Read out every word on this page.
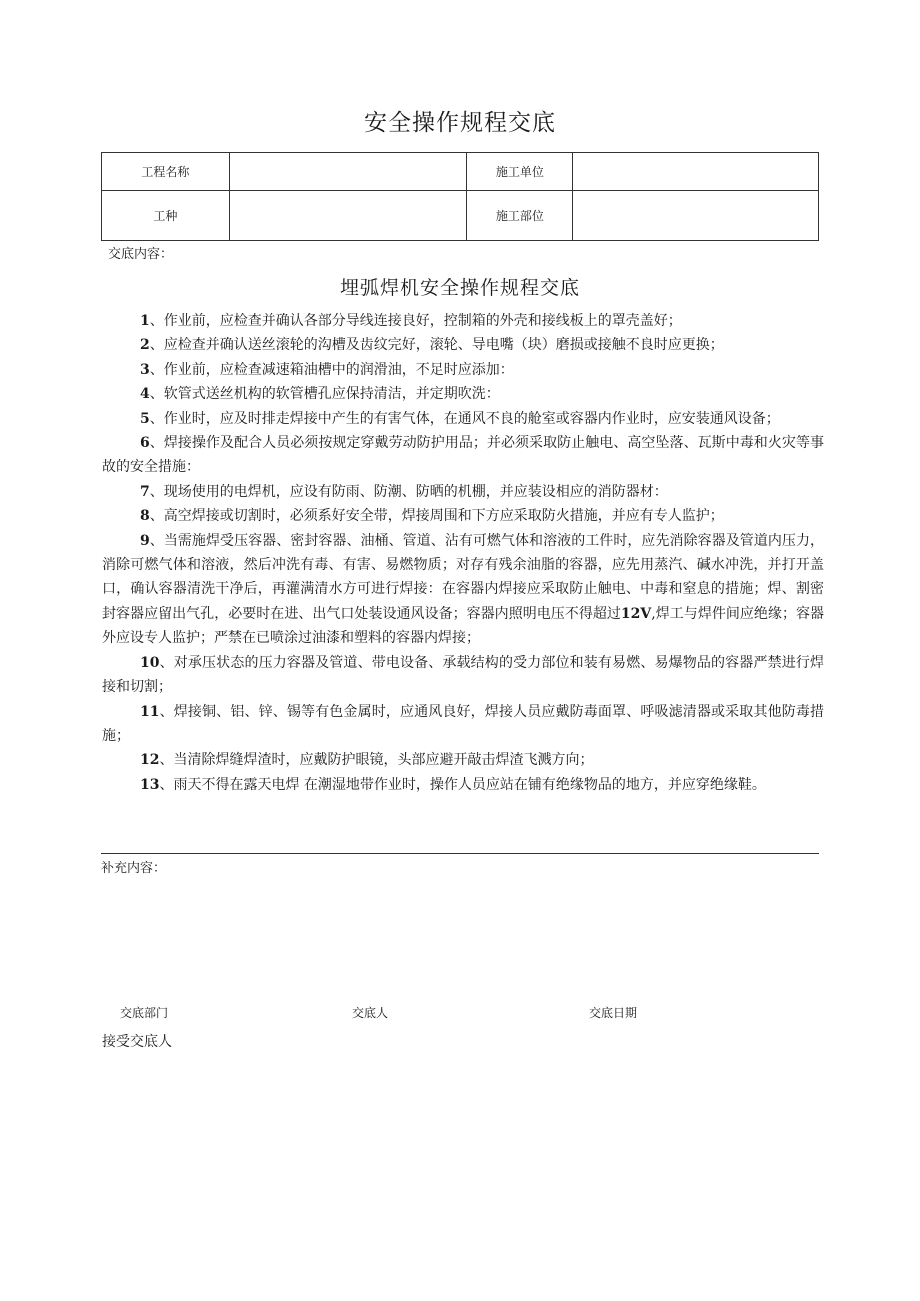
安全操作规程交底
工程名称		施工单位	
工种		施工部位	
交底内容：
埋弧焊机安全操作规程交底

1、作业前，应检查并确认各部分导线连接良好，控制箱的外壳和接线板上的罩壳盖好；

2、应检查并确认送丝滚轮的沟槽及齿纹完好，滚轮、导电嘴（块）磨损或接触不良时应更换；

3、作业前，应检查减速箱油槽中的润滑油，不足时应添加：

4、软管式送丝机构的软管槽孔应保持清洁，并定期吹洗：

5、作业时，应及时排走焊接中产生的有害气体，在通风不良的舱室或容器内作业时，应安装通风设备；

6、焊接操作及配合人员必须按规定穿戴劳动防护用品；并必须采取防止触电、高空坠落、瓦斯中毒和火灾等事故的安全措施：

7、现场使用的电焊机，应设有防雨、防潮、防晒的机棚，并应装设相应的消防器材：

8、高空焊接或切割时，必须系好安全带，焊接周围和下方应采取防火措施，并应有专人监护；

9、当需施焊受压容器、密封容器、油桶、管道、沾有可燃气体和溶液的工件时，应先消除容器及管道内压力，消除可燃气体和溶液，然后冲洗有毒、有害、易燃物质；对存有残余油脂的容器，应先用蒸汽、碱水冲洗，并打开盖口，确认容器清洗干净后，再灌满清水方可进行焊接：在容器内焊接应采取防止触电、中毒和窒息的措施；焊、割密封容器应留出气孔，必要时在进、出气口处装设通风设备；容器内照明电压不得超过12V,焊工与焊件间应绝缘；容器外应设专人监护；严禁在已喷涂过油漆和塑料的容器内焊接；

10、对承压状态的压力容器及管道、带电设备、承载结构的受力部位和装有易燃、易爆物品的容器严禁进行焊接和切割；

11、焊接铜、铝、锌、锡等有色金属时，应通风良好，焊接人员应戴防毒面罩、呼吸滤清器或采取其他防毒措施；

12、当清除焊缝焊渣时，应戴防护眼镜，头部应避开敲击焊渣飞溅方向；

13、雨天不得在露天电焊 在潮湿地带作业时，操作人员应站在铺有绝缘物品的地方，并应穿绝缘鞋。

补充内容：
交底部门	交底人	交底日期
接受交底人
